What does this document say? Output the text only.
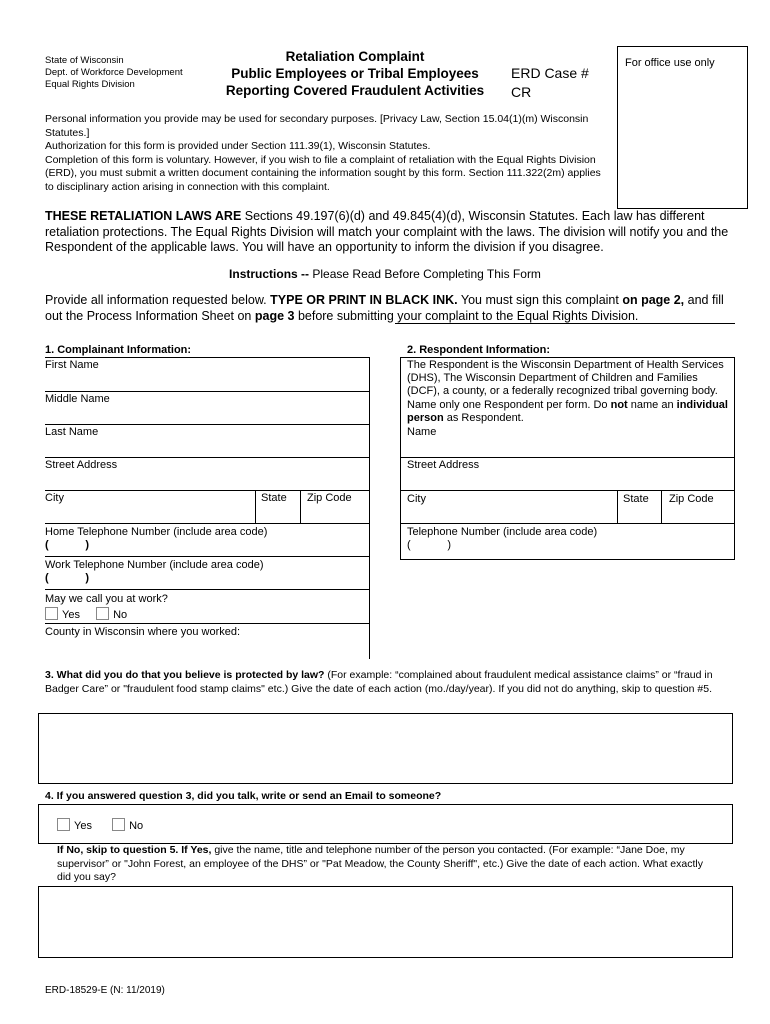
State of Wisconsin
Dept. of Workforce Development
Equal Rights Division
Retaliation Complaint
Public Employees or Tribal Employees
Reporting Covered Fraudulent Activities
ERD Case #
CR
For office use only
Personal information you provide may be used for secondary purposes. [Privacy Law, Section 15.04(1)(m) Wisconsin Statutes.]
Authorization for this form is provided under Section 111.39(1), Wisconsin Statutes.
Completion of this form is voluntary. However, if you wish to file a complaint of retaliation with the Equal Rights Division (ERD), you must submit a written document containing the information sought by this form. Section 111.322(2m) applies to disciplinary action arising in connection with this complaint.
THESE RETALIATION LAWS ARE Sections 49.197(6)(d) and 49.845(4)(d), Wisconsin Statutes. Each law has different retaliation protections. The Equal Rights Division will match your complaint with the laws. The division will notify you and the Respondent of the applicable laws. You will have an opportunity to inform the division if you disagree.
Instructions -- Please Read Before Completing This Form
Provide all information requested below. TYPE OR PRINT IN BLACK INK. You must sign this complaint on page 2, and fill out the Process Information Sheet on page 3 before submitting your complaint to the Equal Rights Division.
1. Complainant Information:
First Name
Middle Name
Last Name
Street Address
City	State Zip Code
Home Telephone Number (include area code)
(            )
Work Telephone Number (include area code)
(            )
May we call you at work?
Yes	No
County in Wisconsin where you worked:
2. Respondent Information:
The Respondent is the Wisconsin Department of Health Services (DHS), The Wisconsin Department of Children and Families (DCF), a county, or a federally recognized tribal governing body. Name only one Respondent per form. Do not name an individual person as Respondent.
Name
Street Address
City	State Zip Code
Telephone Number (include area code)
(            )
3. What did you do that you believe is protected by law? (For example: “complained about fraudulent medical assistance claims” or “fraud in Badger Care” or "fraudulent food stamp claims" etc.) Give the date of each action (mo./day/year). If you did not do anything, skip to question #5.
4. If you answered question 3, did you talk, write or send an Email to someone?
Yes	No
If No, skip to question 5. If Yes, give the name, title and telephone number of the person you contacted. (For example: “Jane Doe, my supervisor” or "John Forest, an employee of the DHS” or "Pat Meadow, the County Sheriff", etc.) Give the date of each action. What exactly did you say?
ERD-18529-E (N: 11/2019)
